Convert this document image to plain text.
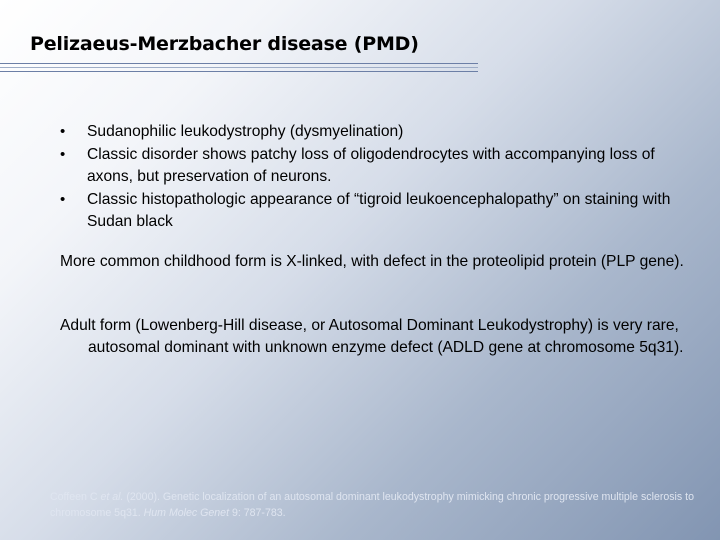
Pelizaeus-Merzbacher disease (PMD)
•	Sudanophilic leukodystrophy (dysmyelination)
•	Classic disorder shows patchy loss of oligodendrocytes with accompanying loss of axons, but preservation of neurons.
•	Classic histopathologic appearance of “tigroid leukoencephalopathy” on staining with Sudan black
More common childhood form is X-linked, with defect in the proteolipid protein (PLP gene).
Adult form (Lowenberg-Hill disease, or Autosomal Dominant Leukodystrophy) is very rare, autosomal dominant with unknown enzyme defect (ADLD gene at chromosome 5q31).
Coffeen C et al. (2000). Genetic localization of an autosomal dominant leukodystrophy mimicking chronic progressive multiple sclerosis to chromosome 5q31. Hum Molec Genet 9: 787-783.
